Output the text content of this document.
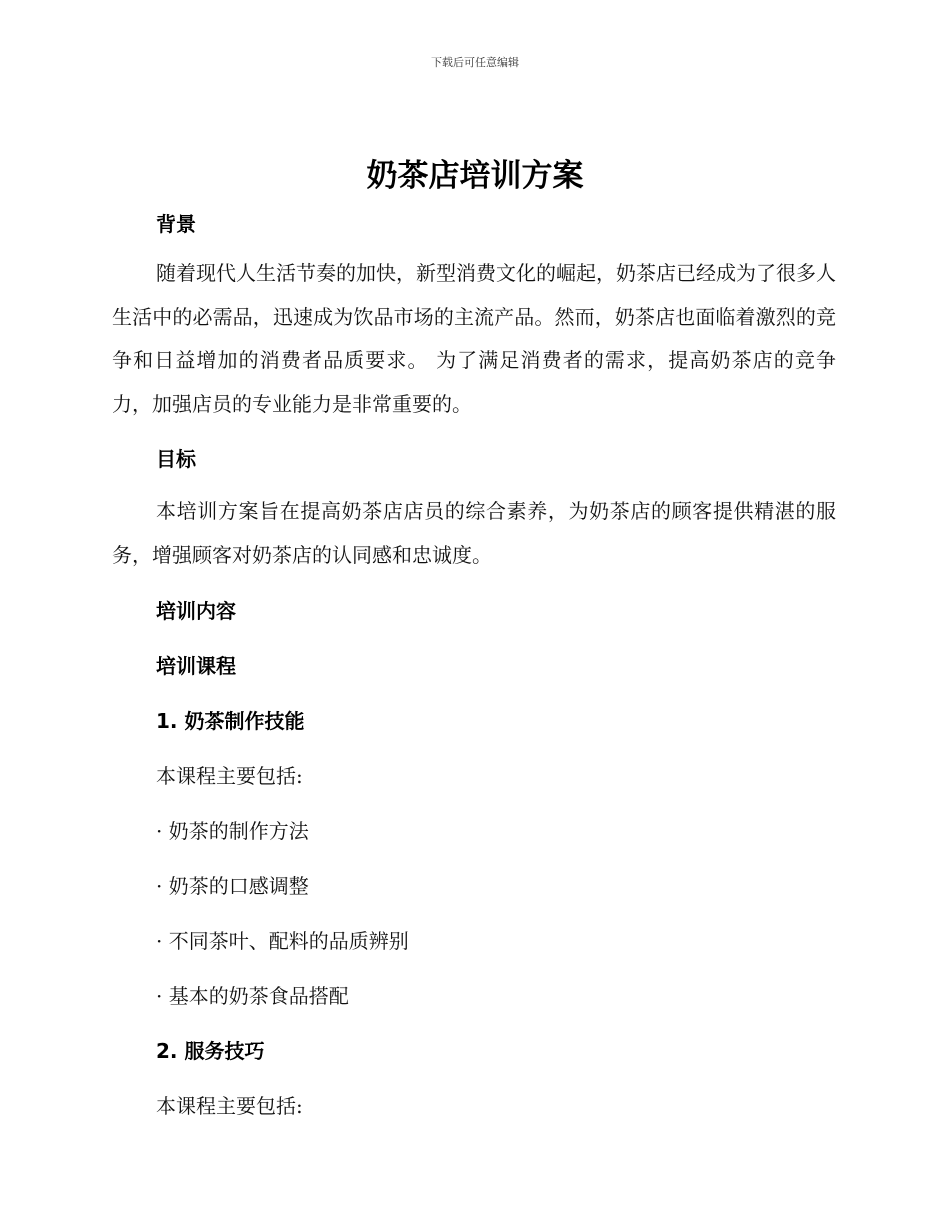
下载后可任意编辑
奶茶店培训方案
背景

随着现代人生活节奏的加快，新型消费文化的崛起，奶茶店已经成为了很多人生活中的必需品，迅速成为饮品市场的主流产品。然而，奶茶店也面临着激烈的竞争和日益增加的消费者品质要求。 为了满足消费者的需求，提高奶茶店的竞争力，加强店员的专业能力是非常重要的。

目标

本培训方案旨在提高奶茶店店员的综合素养，为奶茶店的顾客提供精湛的服务，增强顾客对奶茶店的认同感和忠诚度。

培训内容
培训课程
1. 奶茶制作技能

本课程主要包括:

· 奶茶的制作方法

· 奶茶的口感调整

· 不同茶叶、配料的品质辨别

· 基本的奶茶食品搭配

2. 服务技巧

本课程主要包括:
